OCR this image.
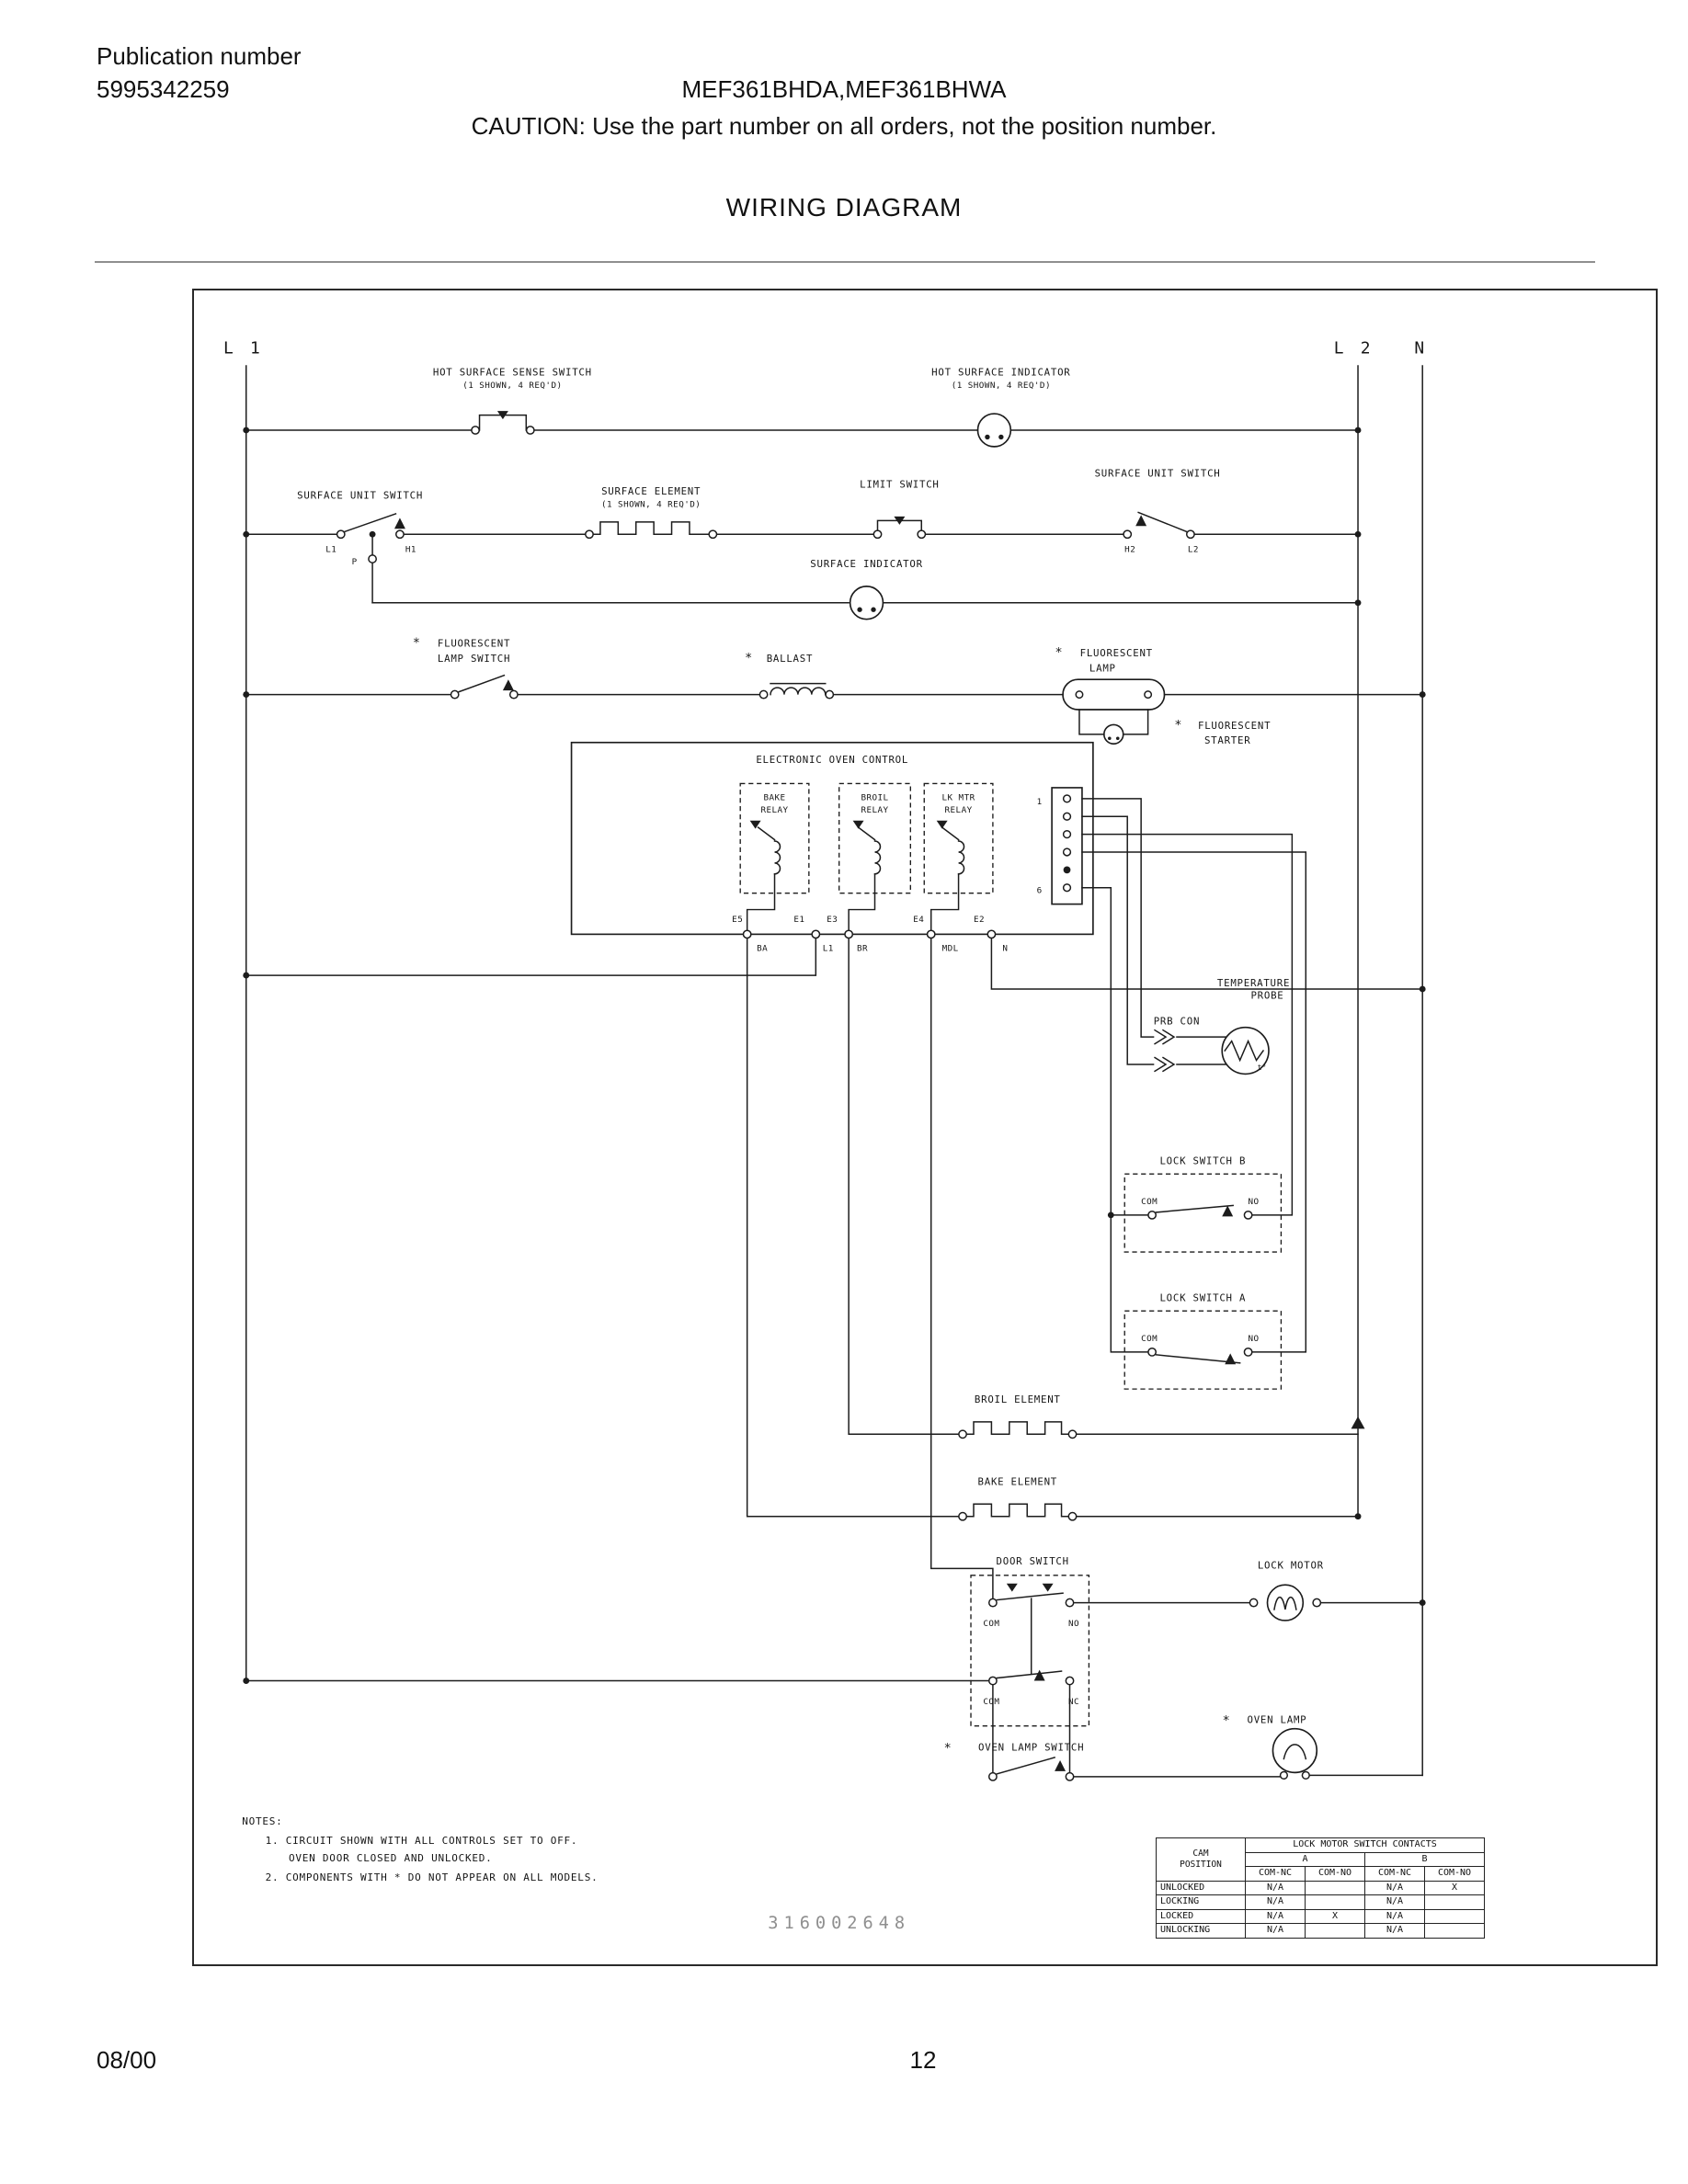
Publication number
5995342259	MEF361BHDA,MEF361BHWA
CAUTION: Use the part number on all orders, not the position number.
WIRING DIAGRAM
L 1	L 2	N
HOT SURFACE SENSE SWITCH
(1 SHOWN, 4 REQ'D)
HOT SURFACE INDICATOR
(1 SHOWN, 4 REQ'D)
SURFACE UNIT SWITCH
L1	H1
P
SURFACE ELEMENT
(1 SHOWN, 4 REQ'D)
LIMIT SWITCH
SURFACE UNIT SWITCH
H2	L2
SURFACE INDICATOR
*	FLUORESCENT
LAMP SWITCH	* BALLAST	*	FLUORESCENT
LAMP
* FLUORESCENT
STARTER
ELECTRONIC OVEN CONTROL
BAKE
RELAY
BROIL
RELAY
LK MTR
RELAY
1
6
E5	E1	E3	E4	E2
BA	L1	BR	MDL	N
TEMPERATURE
PROBE
PRB CON
t°
LOCK SWITCH B
COM	NO
LOCK SWITCH A
COM	NO
BROIL ELEMENT
BAKE ELEMENT
DOOR SWITCH
COM	NO
COM	NC
LOCK MOTOR
*	OVEN LAMP
*	OVEN LAMP SWITCH
NOTES:
1. CIRCUIT SHOWN WITH ALL CONTROLS SET TO OFF.
OVEN DOOR CLOSED AND UNLOCKED.
2. COMPONENTS WITH * DO NOT APPEAR ON ALL MODELS.
316002648
CAM
POSITION	LOCK MOTOR SWITCH CONTACTS			
	A		B	
	COM-NC	COM-NO	COM-NC	COM-NO
UNLOCKED	N/A		N/A	X
LOCKING	N/A		N/A	
LOCKED	N/A	X	N/A	
UNLOCKING	N/A		N/A	
08/00	12
